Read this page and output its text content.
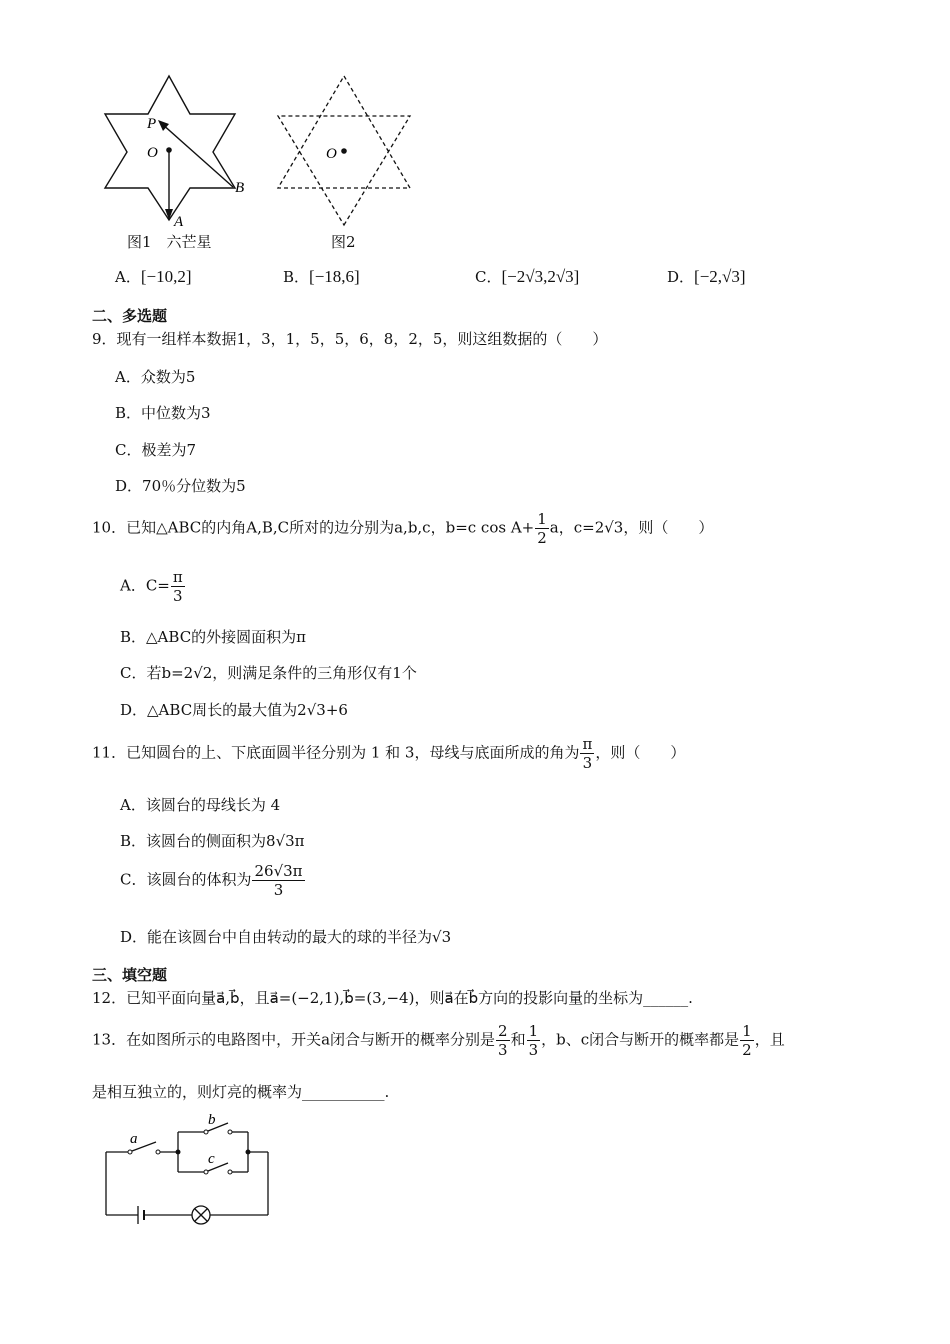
P
O
B
A
图1　六芒星
O
图2
A．[−10,2]	B．[−18,6]	C．[−2√3,2√3]	D．[−2,√3]
二、多选题
9．现有一组样本数据1，3，1，5，5，6，8，2，5，则这组数据的（　　）
A．众数为5
B．中位数为3
C．极差为7
D．70％分位数为5
10．已知△ABC的内角A,B,C所对的边分别为a,b,c，b=c $\cos A+ \frac{1}{2}$ a，c=2√3，则（　　）
A．$C= \frac{\pi}{3}$
B．△ABC的外接圆面积为π
C．若b=2√2，则满足条件的三角形仅有1个
D．△ABC周长的最大值为2√3+6
11．已知圆台的上、下底面圆半径分别为 1 和 3，母线与底面所成的角为 $\frac{\pi}{3}$ ，则（　　）
A．该圆台的母线长为 4
B．该圆台的侧面积为8√3π
C．该圆台的体积为 $\frac{26√3\pi}{3}$
D．能在该圆台中自由转动的最大的球的半径为√3
三、填空题
12．已知平面向量a⃗,b⃗，且a⃗=(−2,1),b⃗=(3,−4)，则a⃗在b⃗方向的投影向量的坐标为______.
13．在如图所示的电路图中，开关a闭合与断开的概率分别是 $\frac{2}{3}$ 和 $\frac{1}{3}$ ，b、c闭合与断开的概率都是 $\frac{1}{2}$ ，且
是相互独立的，则灯亮的概率为___________.
a
b
c
